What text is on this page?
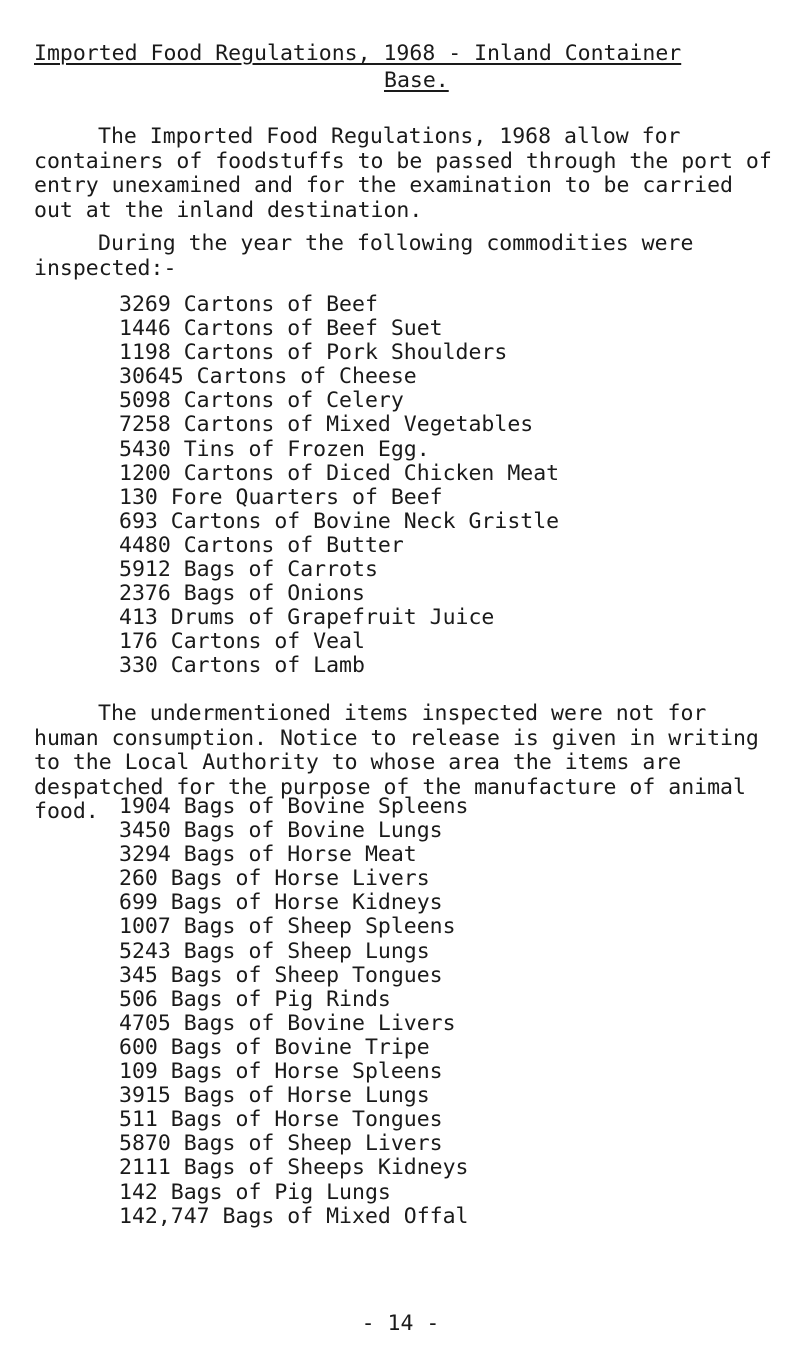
Imported Food Regulations, 1968 - Inland Container
Base.

The Imported Food Regulations, 1968 allow for containers of foodstuffs to be passed through the port of entry unexamined and for the examination to be carried out at the inland destination.

During the year the following commodities were inspected:-

3269 Cartons of Beef
1446 Cartons of Beef Suet
1198 Cartons of Pork Shoulders
30645 Cartons of Cheese
5098 Cartons of Celery
7258 Cartons of Mixed Vegetables
5430 Tins of Frozen Egg.
1200 Cartons of Diced Chicken Meat
130 Fore Quarters of Beef
693 Cartons of Bovine Neck Gristle
4480 Cartons of Butter
5912 Bags of Carrots
2376 Bags of Onions
413 Drums of Grapefruit Juice
176 Cartons of Veal
330 Cartons of Lamb

The undermentioned items inspected were not for human consumption. Notice to release is given in writing to the Local Authority to whose area the items are despatched for the purpose of the manufacture of animal food. 1904 Bags of Bovine Spleens
3450 Bags of Bovine Lungs
3294 Bags of Horse Meat
260 Bags of Horse Livers
699 Bags of Horse Kidneys
1007 Bags of Sheep Spleens
5243 Bags of Sheep Lungs
345 Bags of Sheep Tongues
506 Bags of Pig Rinds
4705 Bags of Bovine Livers
600 Bags of Bovine Tripe
109 Bags of Horse Spleens
3915 Bags of Horse Lungs
511 Bags of Horse Tongues
5870 Bags of Sheep Livers
2111 Bags of Sheeps Kidneys
142 Bags of Pig Lungs
142,747 Bags of Mixed Offal
- 14 -
